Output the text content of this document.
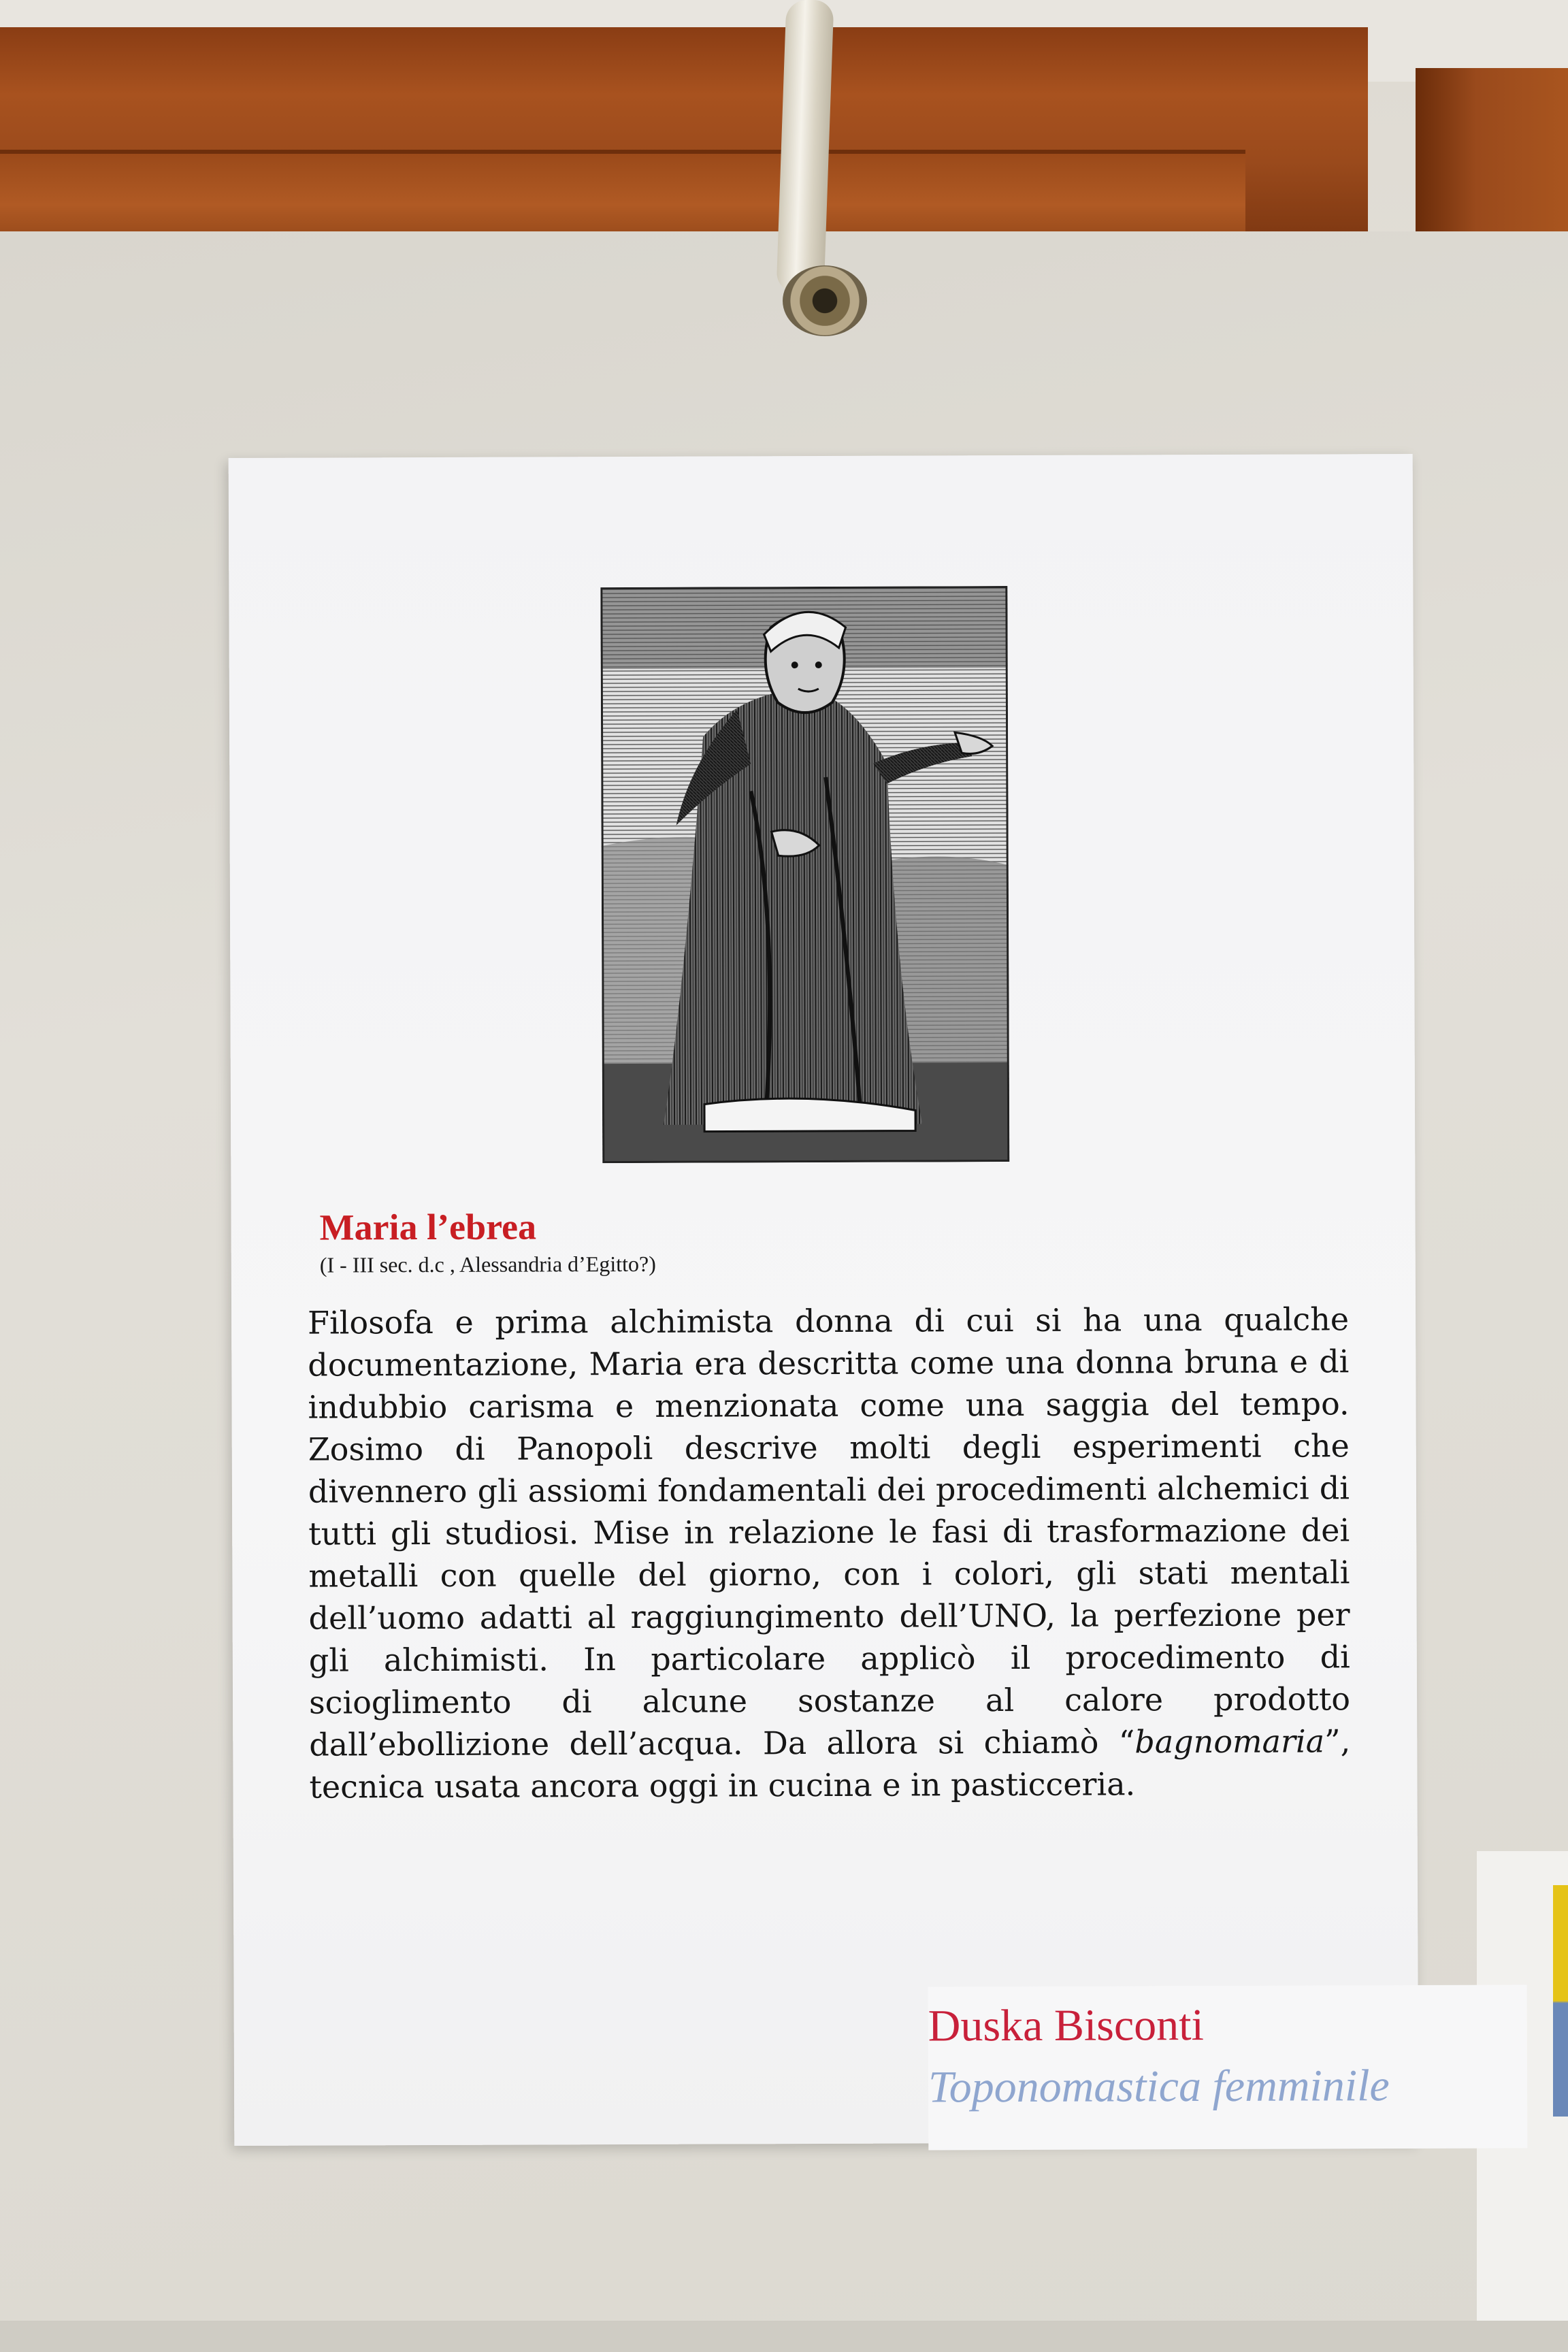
Maria l’ebrea

(I - III sec. d.c , Alessandria d’Egitto?)

Filosofa e prima alchimista donna di cui si ha una qualche documentazione, Maria era descritta come una donna bruna e di indubbio carisma e menzionata come una saggia del tempo. Zosimo di Panopoli descrive molti degli esperimenti che divennero gli assiomi fondamentali dei procedimenti alchemici di tutti gli studiosi. Mise in relazione le fasi di trasformazione dei metalli con quelle del giorno, con i colori, gli stati mentali dell’uomo adatti al raggiungimento dell’UNO, la perfezione per gli alchimisti. In particolare applicò il procedimento di scioglimento di alcune sostanze al calore prodotto dall’ebollizione dell’acqua. Da allora si chiamò “bagnomaria”, tecnica usata ancora oggi in cucina e in pasticceria.

Duska Bisconti

Toponomastica femminile
